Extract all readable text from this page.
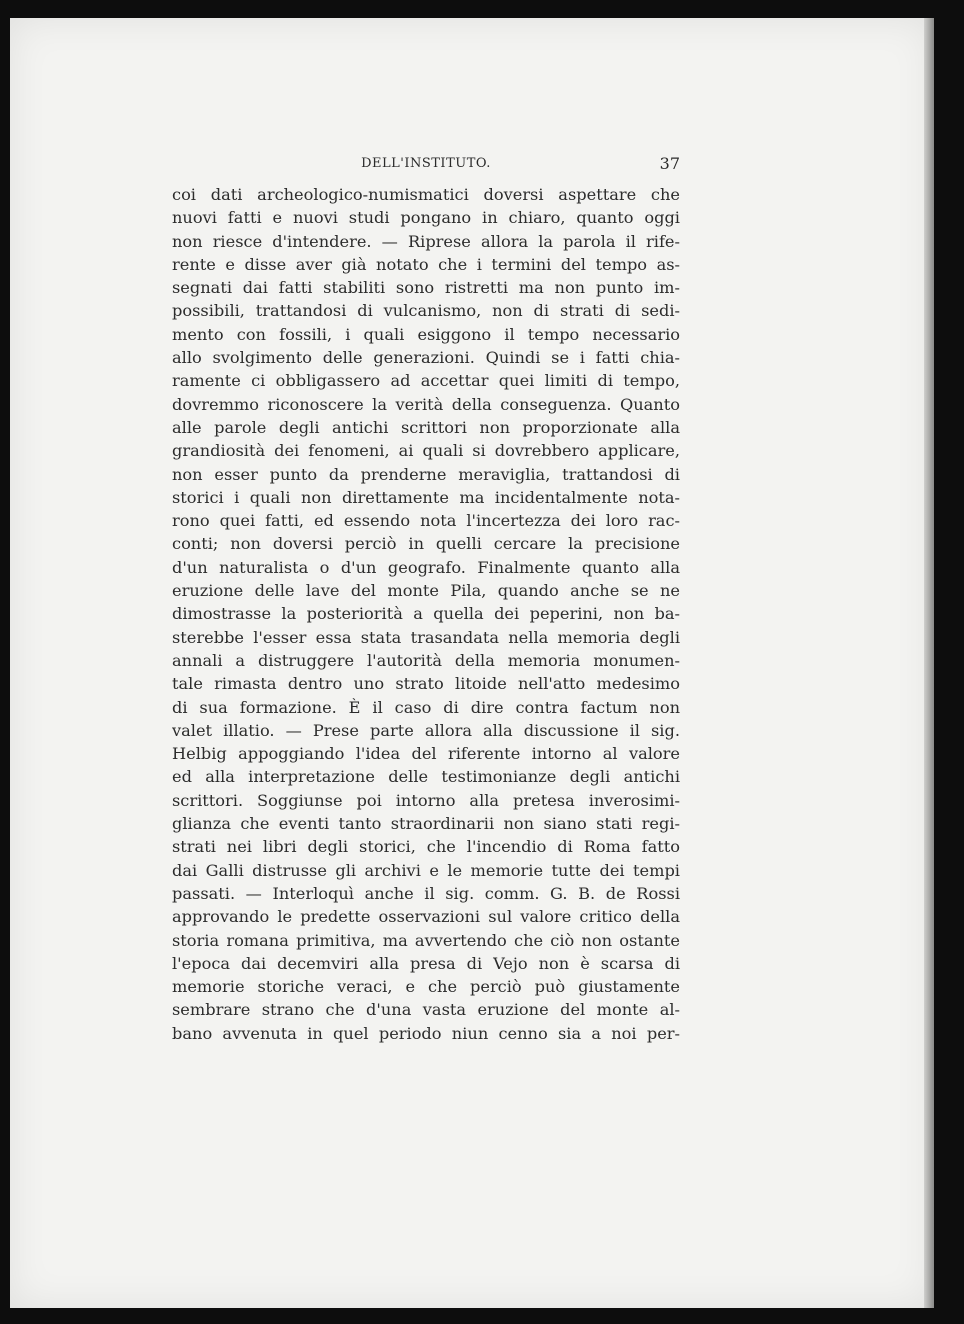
DELL'INSTITUTO.	37
coi dati archeologico-numismatici doversi aspettare che
nuovi fatti e nuovi studi pongano in chiaro, quanto oggi
non riesce d'intendere. — Riprese allora la parola il rife-
rente e disse aver già notato che i termini del tempo as-
segnati dai fatti stabiliti sono ristretti ma non punto im-
possibili, trattandosi di vulcanismo, non di strati di sedi-
mento con fossili, i quali esiggono il tempo necessario
allo svolgimento delle generazioni. Quindi se i fatti chia-
ramente ci obbligassero ad accettar quei limiti di tempo,
dovremmo riconoscere la verità della conseguenza. Quanto
alle parole degli antichi scrittori non proporzionate alla
grandiosità dei fenomeni, ai quali si dovrebbero applicare,
non esser punto da prenderne meraviglia, trattandosi di
storici i quali non direttamente ma incidentalmente nota-
rono quei fatti, ed essendo nota l'incertezza dei loro rac-
conti; non doversi perciò in quelli cercare la precisione
d'un naturalista o d'un geografo. Finalmente quanto alla
eruzione delle lave del monte Pila, quando anche se ne
dimostrasse la posteriorità a quella dei peperini, non ba-
sterebbe l'esser essa stata trasandata nella memoria degli
annali a distruggere l'autorità della memoria monumen-
tale rimasta dentro uno strato litoide nell'atto medesimo
di sua formazione. È il caso di dire contra factum non
valet illatio. — Prese parte allora alla discussione il sig.
Helbig appoggiando l'idea del riferente intorno al valore
ed alla interpretazione delle testimonianze degli antichi
scrittori. Soggiunse poi intorno alla pretesa inverosimi-
glianza che eventi tanto straordinarii non siano stati regi-
strati nei libri degli storici, che l'incendio di Roma fatto
dai Galli distrusse gli archivi e le memorie tutte dei tempi
passati. — Interloquì anche il sig. comm. G. B. de Rossi
approvando le predette osservazioni sul valore critico della
storia romana primitiva, ma avvertendo che ciò non ostante
l'epoca dai decemviri alla presa di Vejo non è scarsa di
memorie storiche veraci, e che perciò può giustamente
sembrare strano che d'una vasta eruzione del monte al-
bano avvenuta in quel periodo niun cenno sia a noi per-
